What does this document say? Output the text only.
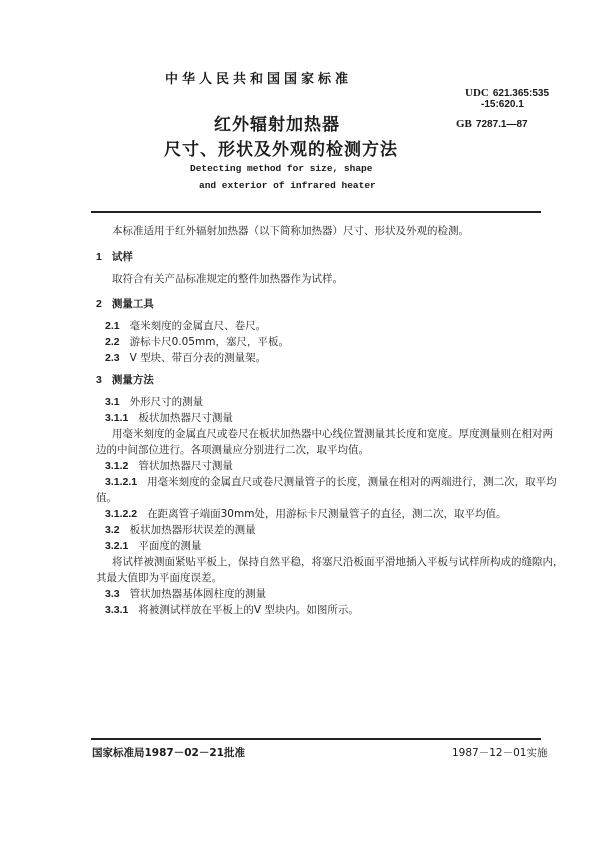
中华人民共和国国家标准
UDC 621.365:535
-15:620.1
GB 7287.1—87
红外辐射加热器
尺寸、形状及外观的检测方法
Detecting method for size, shape
and exterior of infrared heater
本标准适用于红外辐射加热器（以下简称加热器）尺寸、形状及外观的检测。
1 试样
取符合有关产品标准规定的整件加热器作为试样。
2 测量工具
2.1 毫米刻度的金属直尺、卷尺。
2.2 游标卡尺0.05mm，塞尺，平板。
2.3 V 型块、带百分表的测量架。
3 测量方法
3.1 外形尺寸的测量
3.1.1 板状加热器尺寸测量
用毫米刻度的金属直尺或卷尺在板状加热器中心线位置测量其长度和宽度。厚度测量则在相对两
边的中间部位进行。各项测量应分别进行二次，取平均值。
3.1.2 管状加热器尺寸测量
3.1.2.1 用毫米刻度的金属直尺或卷尺测量管子的长度，测量在相对的两端进行，测二次，取平均
值。
3.1.2.2 在距离管子端面30mm处，用游标卡尺测量管子的直径，测二次，取平均值。
3.2 板状加热器形状误差的测量
3.2.1 平面度的测量
将试样被测面紧贴平板上，保持自然平稳，将塞尺沿板面平滑地插入平板与试样所构成的缝隙内，
其最大值即为平面度误差。
3.3 管状加热器基体圆柱度的测量
3.3.1 将被测试样放在平板上的V 型块内。如图所示。
国家标准局1987－02－21批准	1987－12－01实施
